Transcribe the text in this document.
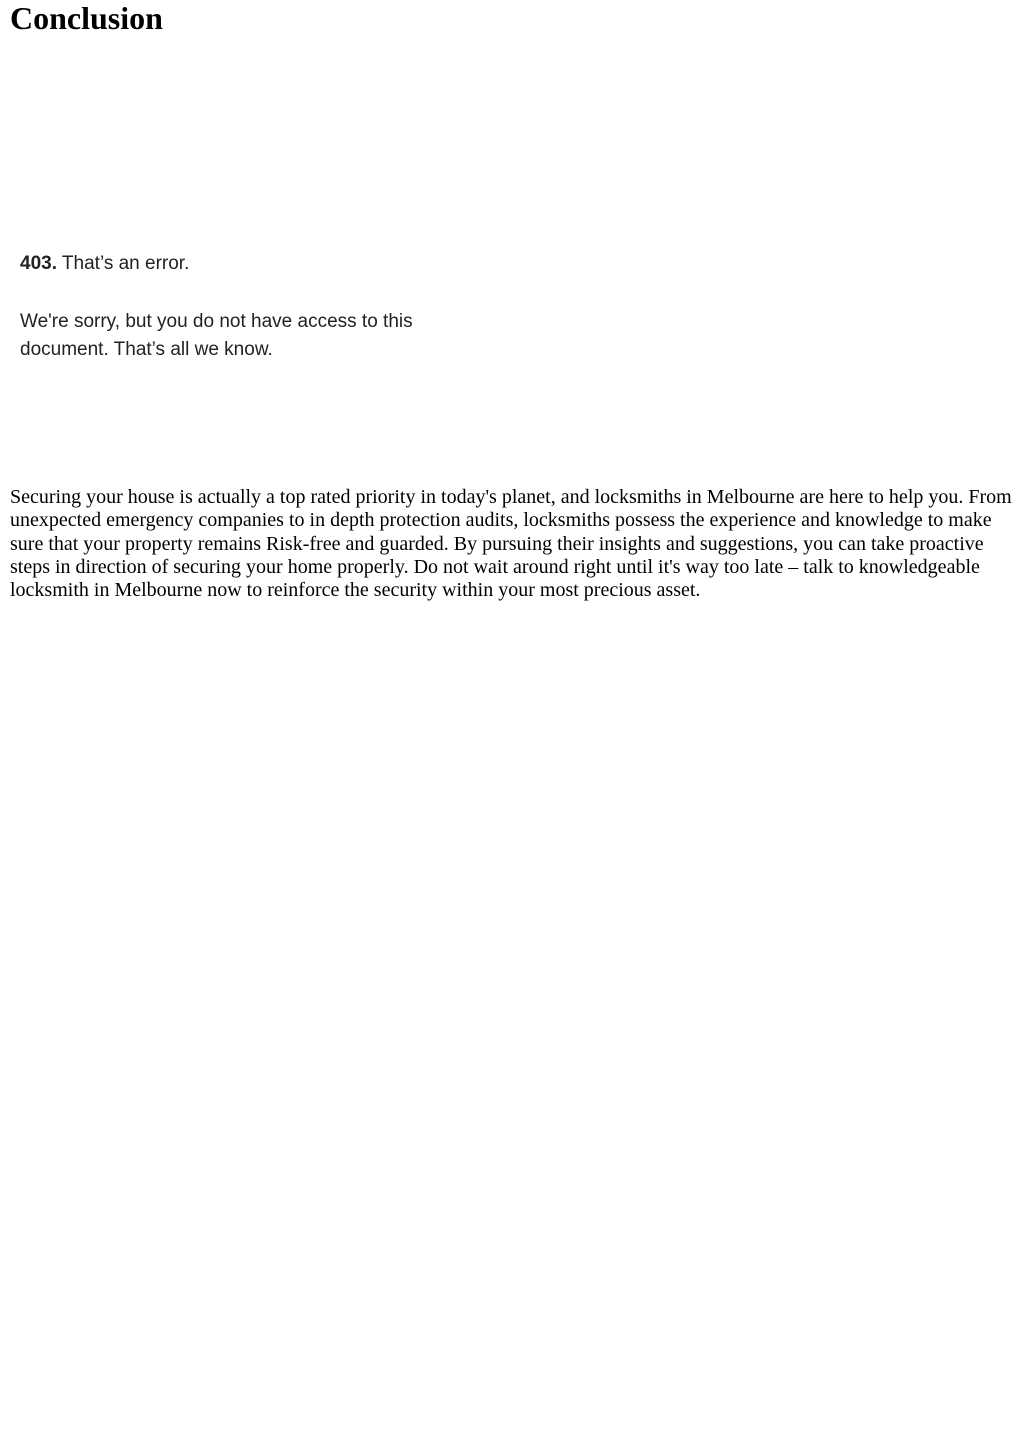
Conclusion

403. That’s an error.

We're sorry, but you do not have access to this document. That’s all we know.

Securing your house is actually a top rated priority in today's planet, and locksmiths in Melbourne are here to help you. From unexpected emergency companies to in depth protection audits, locksmiths possess the experience and knowledge to make sure that your property remains Risk-free and guarded. By pursuing their insights and suggestions, you can take proactive steps in direction of securing your home properly. Do not wait around right until it's way too late – talk to knowledgeable locksmith in Melbourne now to reinforce the security within your most precious asset.
